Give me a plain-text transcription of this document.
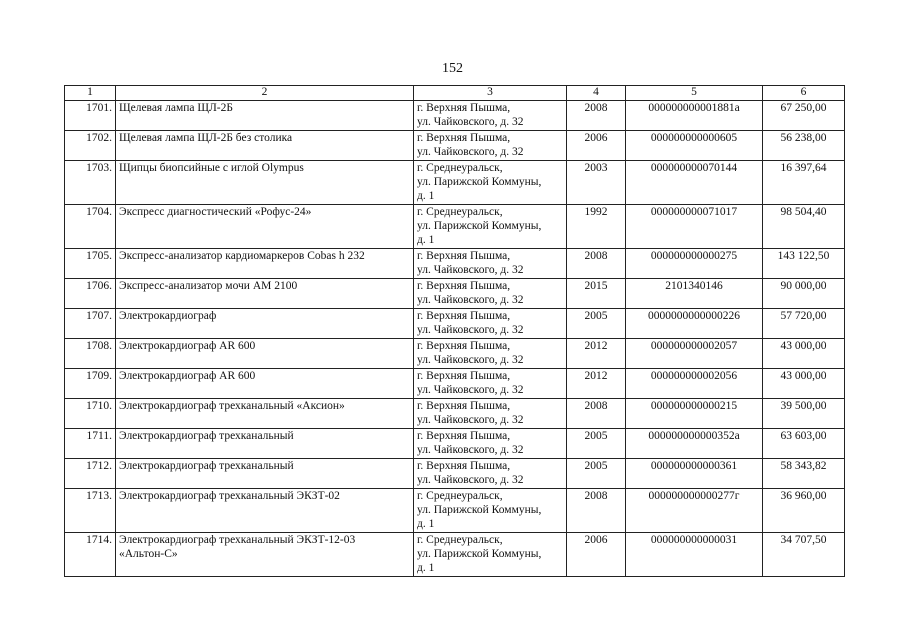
152
1	2	3	4	5	6
1701.	Щелевая лампа ЩЛ-2Б	г. Верхняя Пышма,
ул. Чайковского, д. 32	2008	000000000001881а	67 250,00
1702.	Щелевая лампа ЩЛ-2Б без столика	г. Верхняя Пышма,
ул. Чайковского, д. 32	2006	000000000000605	56 238,00
1703.	Щипцы биопсийные с иглой Olympus	г. Среднеуральск,
ул. Парижской Коммуны,
д. 1	2003	000000000070144	16 397,64
1704.	Экспресс диагностический «Рофус-24»	г. Среднеуральск,
ул. Парижской Коммуны,
д. 1	1992	000000000071017	98 504,40
1705.	Экспресс-анализатор кардиомаркеров Cobas h 232	г. Верхняя Пышма,
ул. Чайковского, д. 32	2008	000000000000275	143 122,50
1706.	Экспресс-анализатор мочи АМ 2100	г. Верхняя Пышма,
ул. Чайковского, д. 32	2015	2101340146	90 000,00
1707.	Электрокардиограф	г. Верхняя Пышма,
ул. Чайковского, д. 32	2005	0000000000000226	57 720,00
1708.	Электрокардиограф AR 600	г. Верхняя Пышма,
ул. Чайковского, д. 32	2012	000000000002057	43 000,00
1709.	Электрокардиограф AR 600	г. Верхняя Пышма,
ул. Чайковского, д. 32	2012	000000000002056	43 000,00
1710.	Электрокардиограф трехканальный «Аксион»	г. Верхняя Пышма,
ул. Чайковского, д. 32	2008	000000000000215	39 500,00
1711.	Электрокардиограф трехканальный	г. Верхняя Пышма,
ул. Чайковского, д. 32	2005	000000000000352а	63 603,00
1712.	Электрокардиограф трехканальный	г. Верхняя Пышма,
ул. Чайковского, д. 32	2005	000000000000361	58 343,82
1713.	Электрокардиограф трехканальный ЭКЗТ-02	г. Среднеуральск,
ул. Парижской Коммуны,
д. 1	2008	000000000000277г	36 960,00
1714.	Электрокардиограф трехканальный ЭКЗТ-12-03
«Альтон-С»	г. Среднеуральск,
ул. Парижской Коммуны,
д. 1	2006	000000000000031	34 707,50
